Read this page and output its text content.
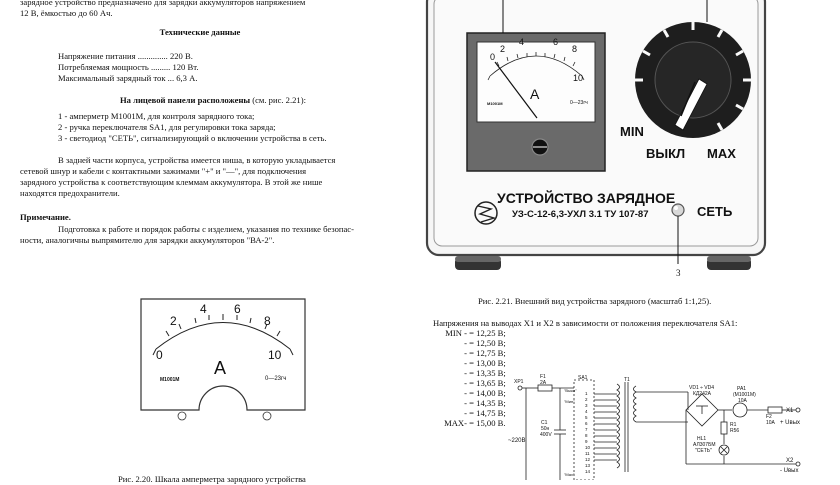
зарядное устройство предназначено для зарядки аккумуляторов напряжением
12 В, ёмкостью до 60 Ач.
Технические данные
Напряжение питания .............. 220 В.
Потребляемая мощность ......... 120 Вт.
Максимальный зарядный ток ... 6,3 А.
На лицевой панели расположены (см. рис. 2.21):
1 - амперметр М1001М, для контроля зарядного тока;
2 - ручка переключателя SA1, для регулировки тока заряда;
3 - светодиод "СЕТЬ", сигнализирующий о включении устройства в сеть.
В задней части корпуса, устройства имеется ниша, в которую укладывается
сетевой шнур и кабели с контактными зажимами "+" и "—", для подключения
зарядного устройства к соответствующим клеммам аккумулятора. В этой же нише
находятся предохранители.
Примечание.
Подготовка к работе и порядок работы с изделием, указания по технике безопас-
ности, аналогичны выпрямителю для зарядки аккумуляторов "ВА-2".
0
2
4 6
8
10
А
М1001М	0—23гч
Рис. 2.20. Шкала амперметра зарядного устройства
0
2
4	6
8
10
А
М1001М	0—23гч
MIN
ВЫКЛ MAX
УСТРОЙСТВО ЗАРЯДНОЕ
УЗ-С-12-6,3-УХЛ 3.1 ТУ 107-87	СЕТЬ
3
Рис. 2.21. Внешний вид устройства зарядного (масштаб 1:1,25).
Напряжения на выводах Х1 и Х2 в зависимости от положения переключателя SA1:
MIN - = 12,25 В;
- = 12,50 В;
- = 12,75 В;
- = 13,00 В;
- = 13,35 В;
- = 13,65 В;
- = 14,00 В;
- = 14,35 В;
- = 14,75 В;
MAX- = 15,00 В.
ХР1
F1
2А
SA1
"Выкл"
"Мин"
"Мах"
Т1
С1
50н
400V
~220В
VD1 ÷ VD4
КД242А
PA1
(М1001М)
10А
F2
10А
R1
R56
HL1
АЛ307БМ
"СЕТЬ"
Х1
+ Uвых
Х2
- Uвых
1
2
3
4
5
6
7
8
9
10
11
12
13
14
